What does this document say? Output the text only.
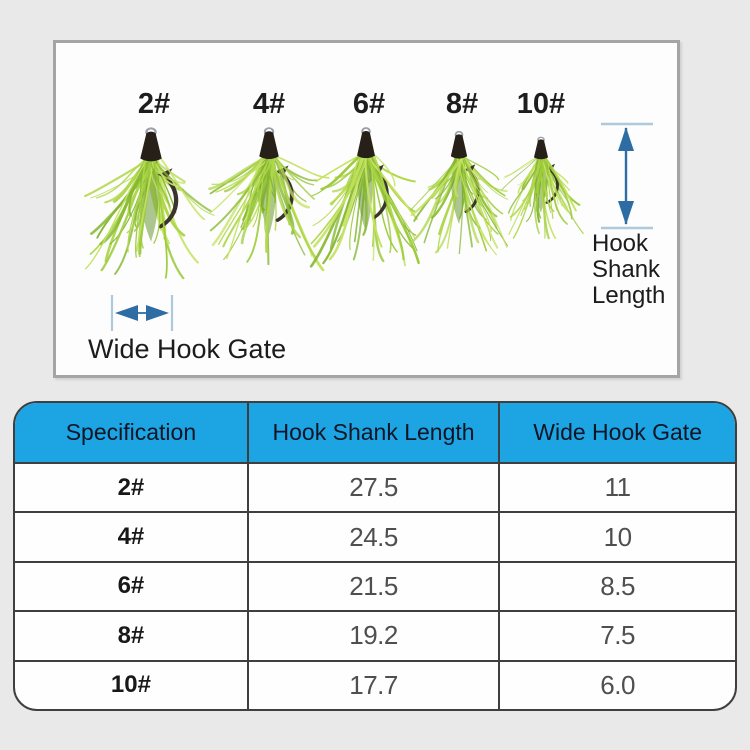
2#	4# 6# 8# 10#
Hook Shank Length
Wide Hook Gate
Specification	Hook Shank Length	Wide Hook Gate
2#	27.5	11
4#	24.5	10
6#	21.5	8.5
8#	19.2	7.5
10#	17.7	6.0
